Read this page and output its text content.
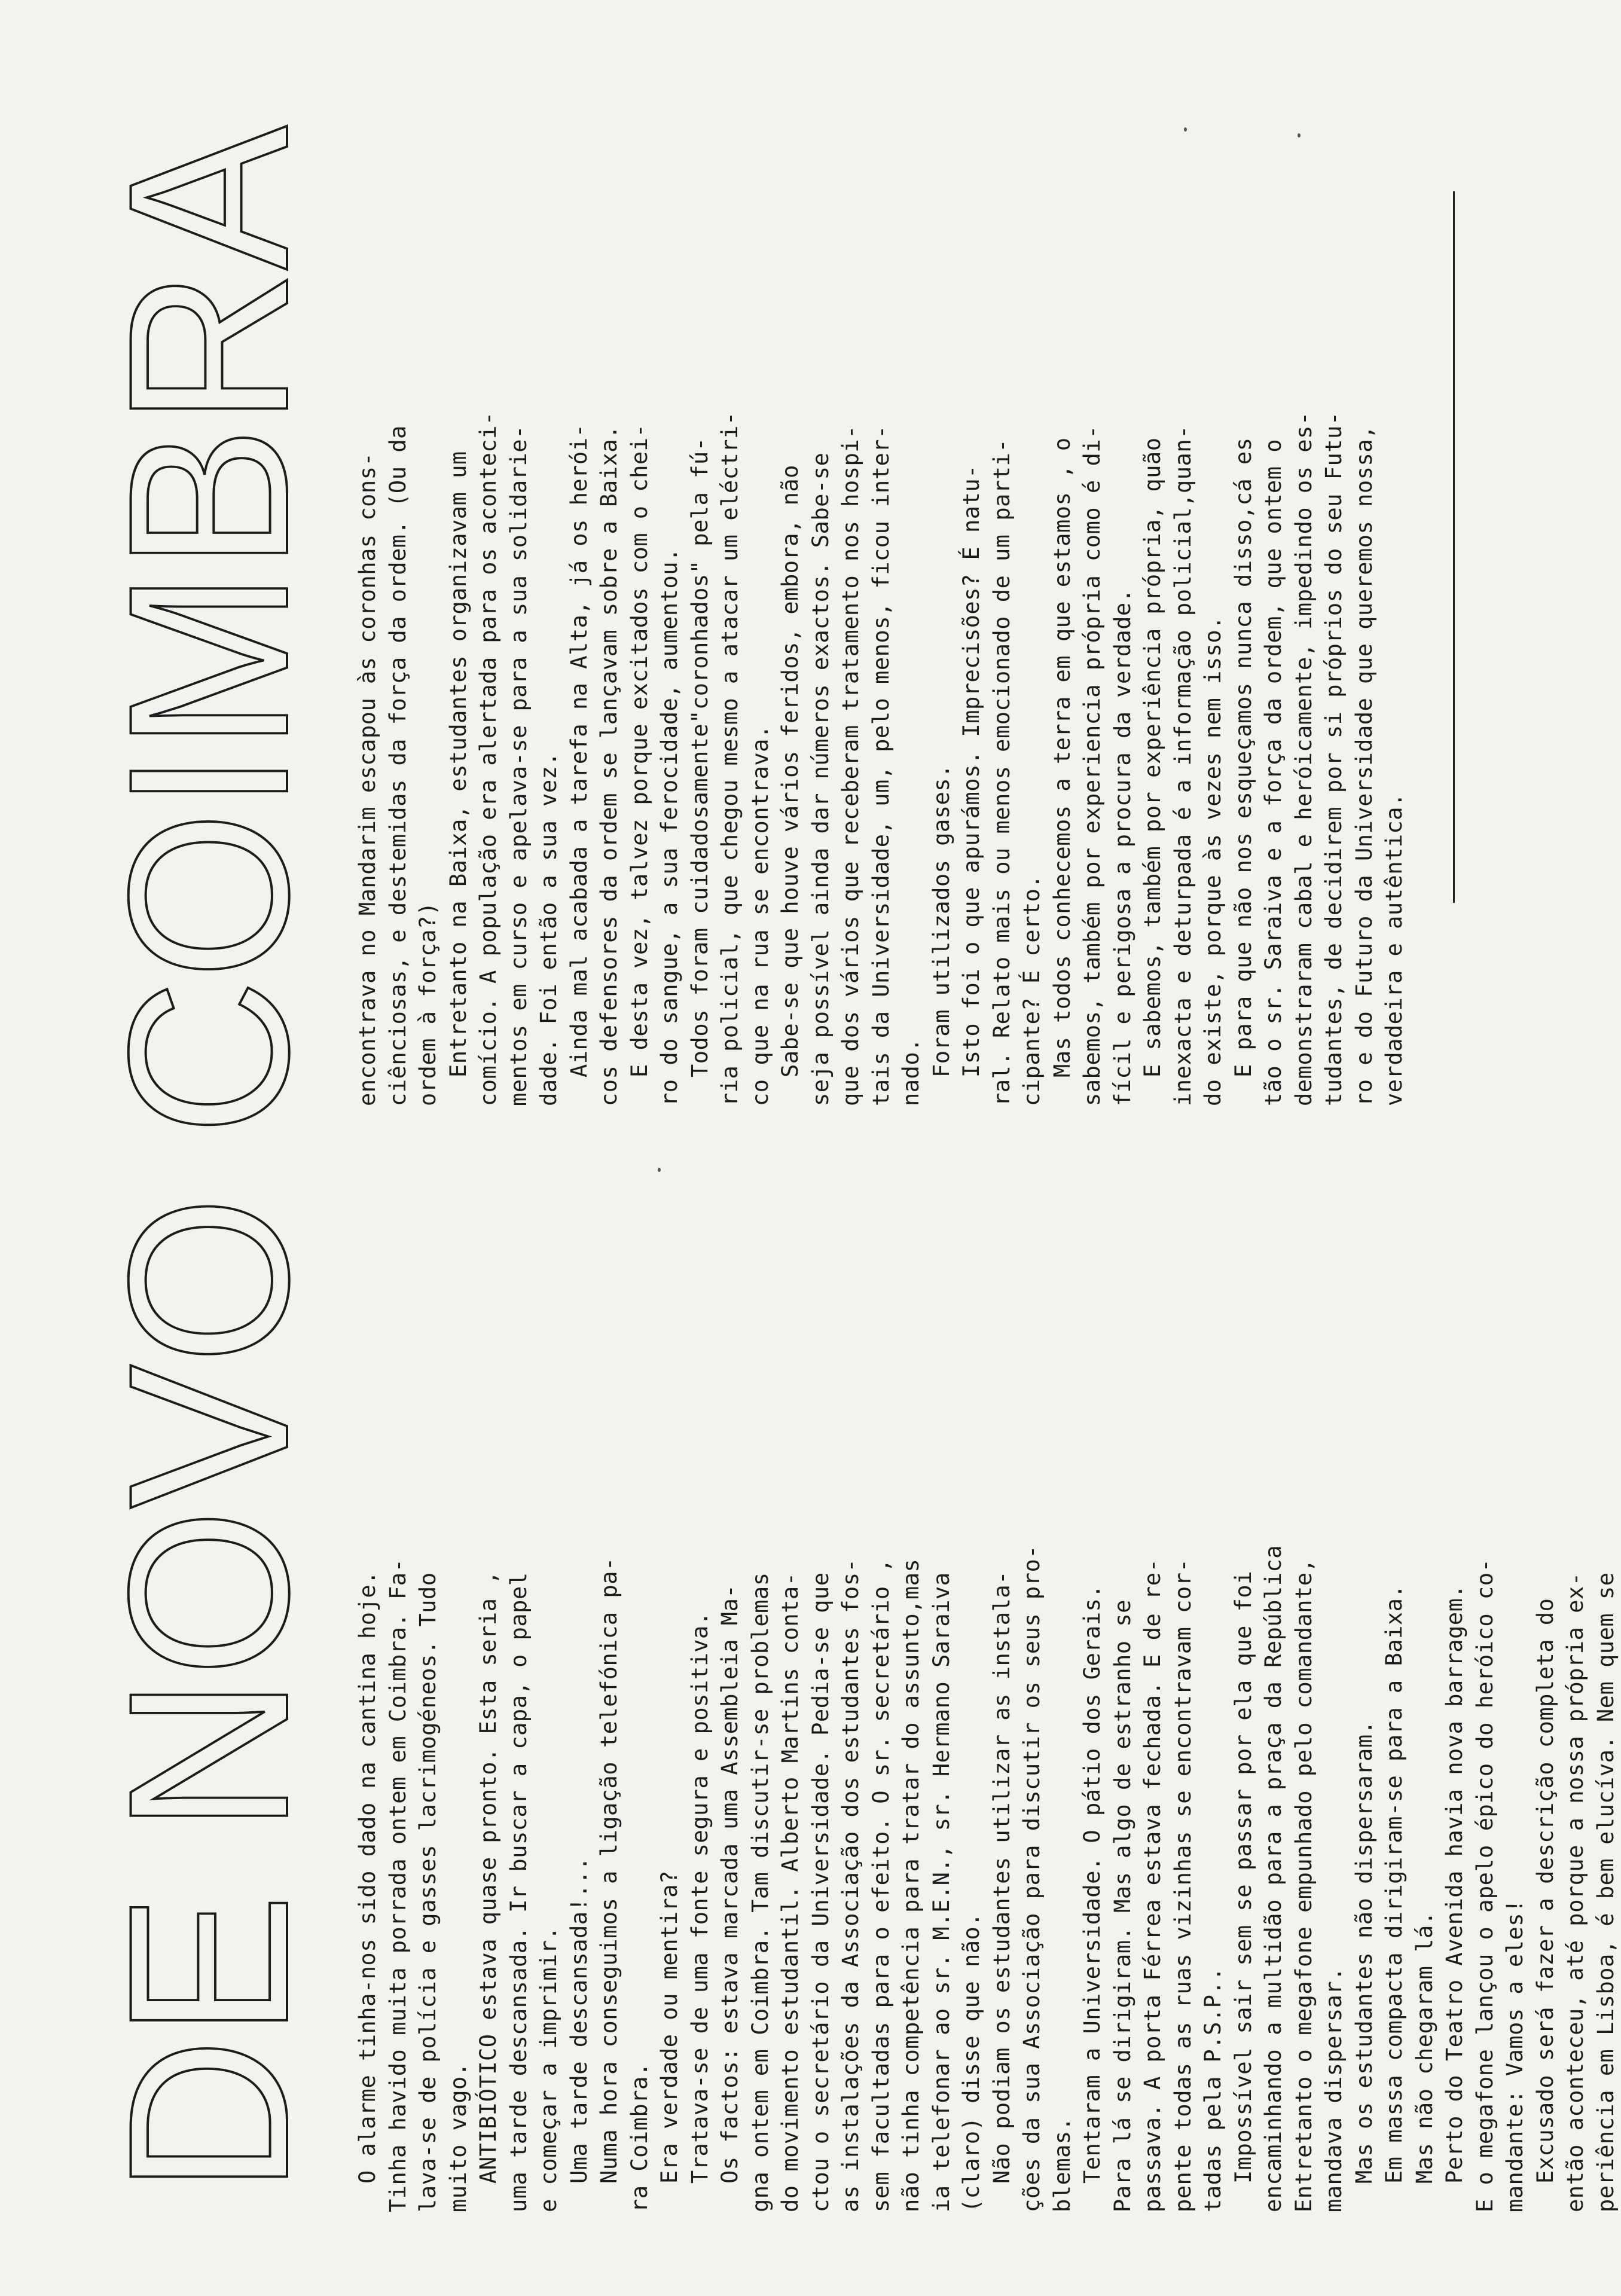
DE NOVO COIMBRA O alarme tinha-nos sido dado na cantina hoje. Tinha havido muita porrada ontem em Coimbra. Fa- lava-se de polícia e gasses lacrimogéneos. Tudo muito vago. ANTIBIÓTICO estava quase pronto. Esta seria , uma tarde descansada. Ir buscar a capa, o papel e começar a imprimir. Uma tarde descansada!... Numa hora conseguimos a ligação telefónica pa- ra Coimbra. Era verdade ou mentira? Tratava-se de uma fonte segura e positiva. Os factos: estava marcada uma Assembleia Ma- gna ontem em Coimbra. Tam discutir-se problemas do movimento estudantil. Alberto Martins conta- ctou o secretário da Universidade. Pedia-se que as instalações da Associação dos estudantes fos- sem facultadas para o efeito. O sr. secretário , não tinha competência para tratar do assunto,mas ia telefonar ao sr. M.E.N., sr. Hermano Saraiva (claro) disse que não. Não podiam os estudantes utilizar as instala- ções da sua Associação para discutir os seus pro- blemas. Tentaram a Universidade. O pátio dos Gerais. Para lá se dirigiram. Mas algo de estranho se passava. A porta Férrea estava fechada. E de re- pente todas as ruas vizinhas se encontravam cor- tadas pela P.S.P.. Impossível sair sem se passar por ela que foi encaminhando a multidão para a praça da República Entretanto o megafone empunhado pelo comandante, mandava dispersar. Mas os estudantes não dispersaram. Em massa compacta dirigiram-se para a Baixa. Mas não chegaram lá. Perto do Teatro Avenida havia nova barragem. E o megafone lançou o apelo épico do heróico co- mandante: Vamos a eles! Excusado será fazer a descrição completa do então aconteceu, até porque a nossa própria ex- periência em Lisboa, é bem elucíva. Nem quem se

encontrava no Mandarim escapou às coronhas cons- ciênciosas, e destemidas da força da ordem. (Ou da ordem à força?) Entretanto na Baixa, estudantes organizavam um comício. A população era alertada para os aconteci- mentos em curso e apelava-se para a sua solidarie- dade. Foi então a sua vez. Ainda mal acabada a tarefa na Alta, já os herói- cos defensores da ordem se lançavam sobre a Baixa. E desta vez, talvez porque excitados com o chei- ro do sangue, a sua ferocidade, aumentou. Todos foram cuidadosamente"coronhados" pela fú- ria policial, que chegou mesmo a atacar um eléctri- co que na rua se encontrava. Sabe-se que houve vários feridos, embora, não seja possível ainda dar números exactos. Sabe-se que dos vários que receberam tratamento nos hospi- tais da Universidade, um, pelo menos, ficou inter- nado. Foram utilizados gases. Isto foi o que apurámos. Imprecisões? É natu- ral. Relato mais ou menos emocionado de um parti- cipante? É certo. Mas todos conhecemos a terra em que estamos , o sabemos, também por experiencia própria como é di- fícil e perigosa a procura da verdade. E sabemos, também por experiência própria, quão inexacta e deturpada é a informação policial,quan- do existe, porque às vezes nem isso. E para que não nos esqueçamos nunca disso,cá es tão o sr. Saraiva e a força da ordem, que ontem o demonstraram cabal e heróicamente, impedindo os es- tudantes, de decidirem por si próprios do seu Futu- ro e do Futuro da Universidade que queremos nossa, verdadeira e autêntica.
